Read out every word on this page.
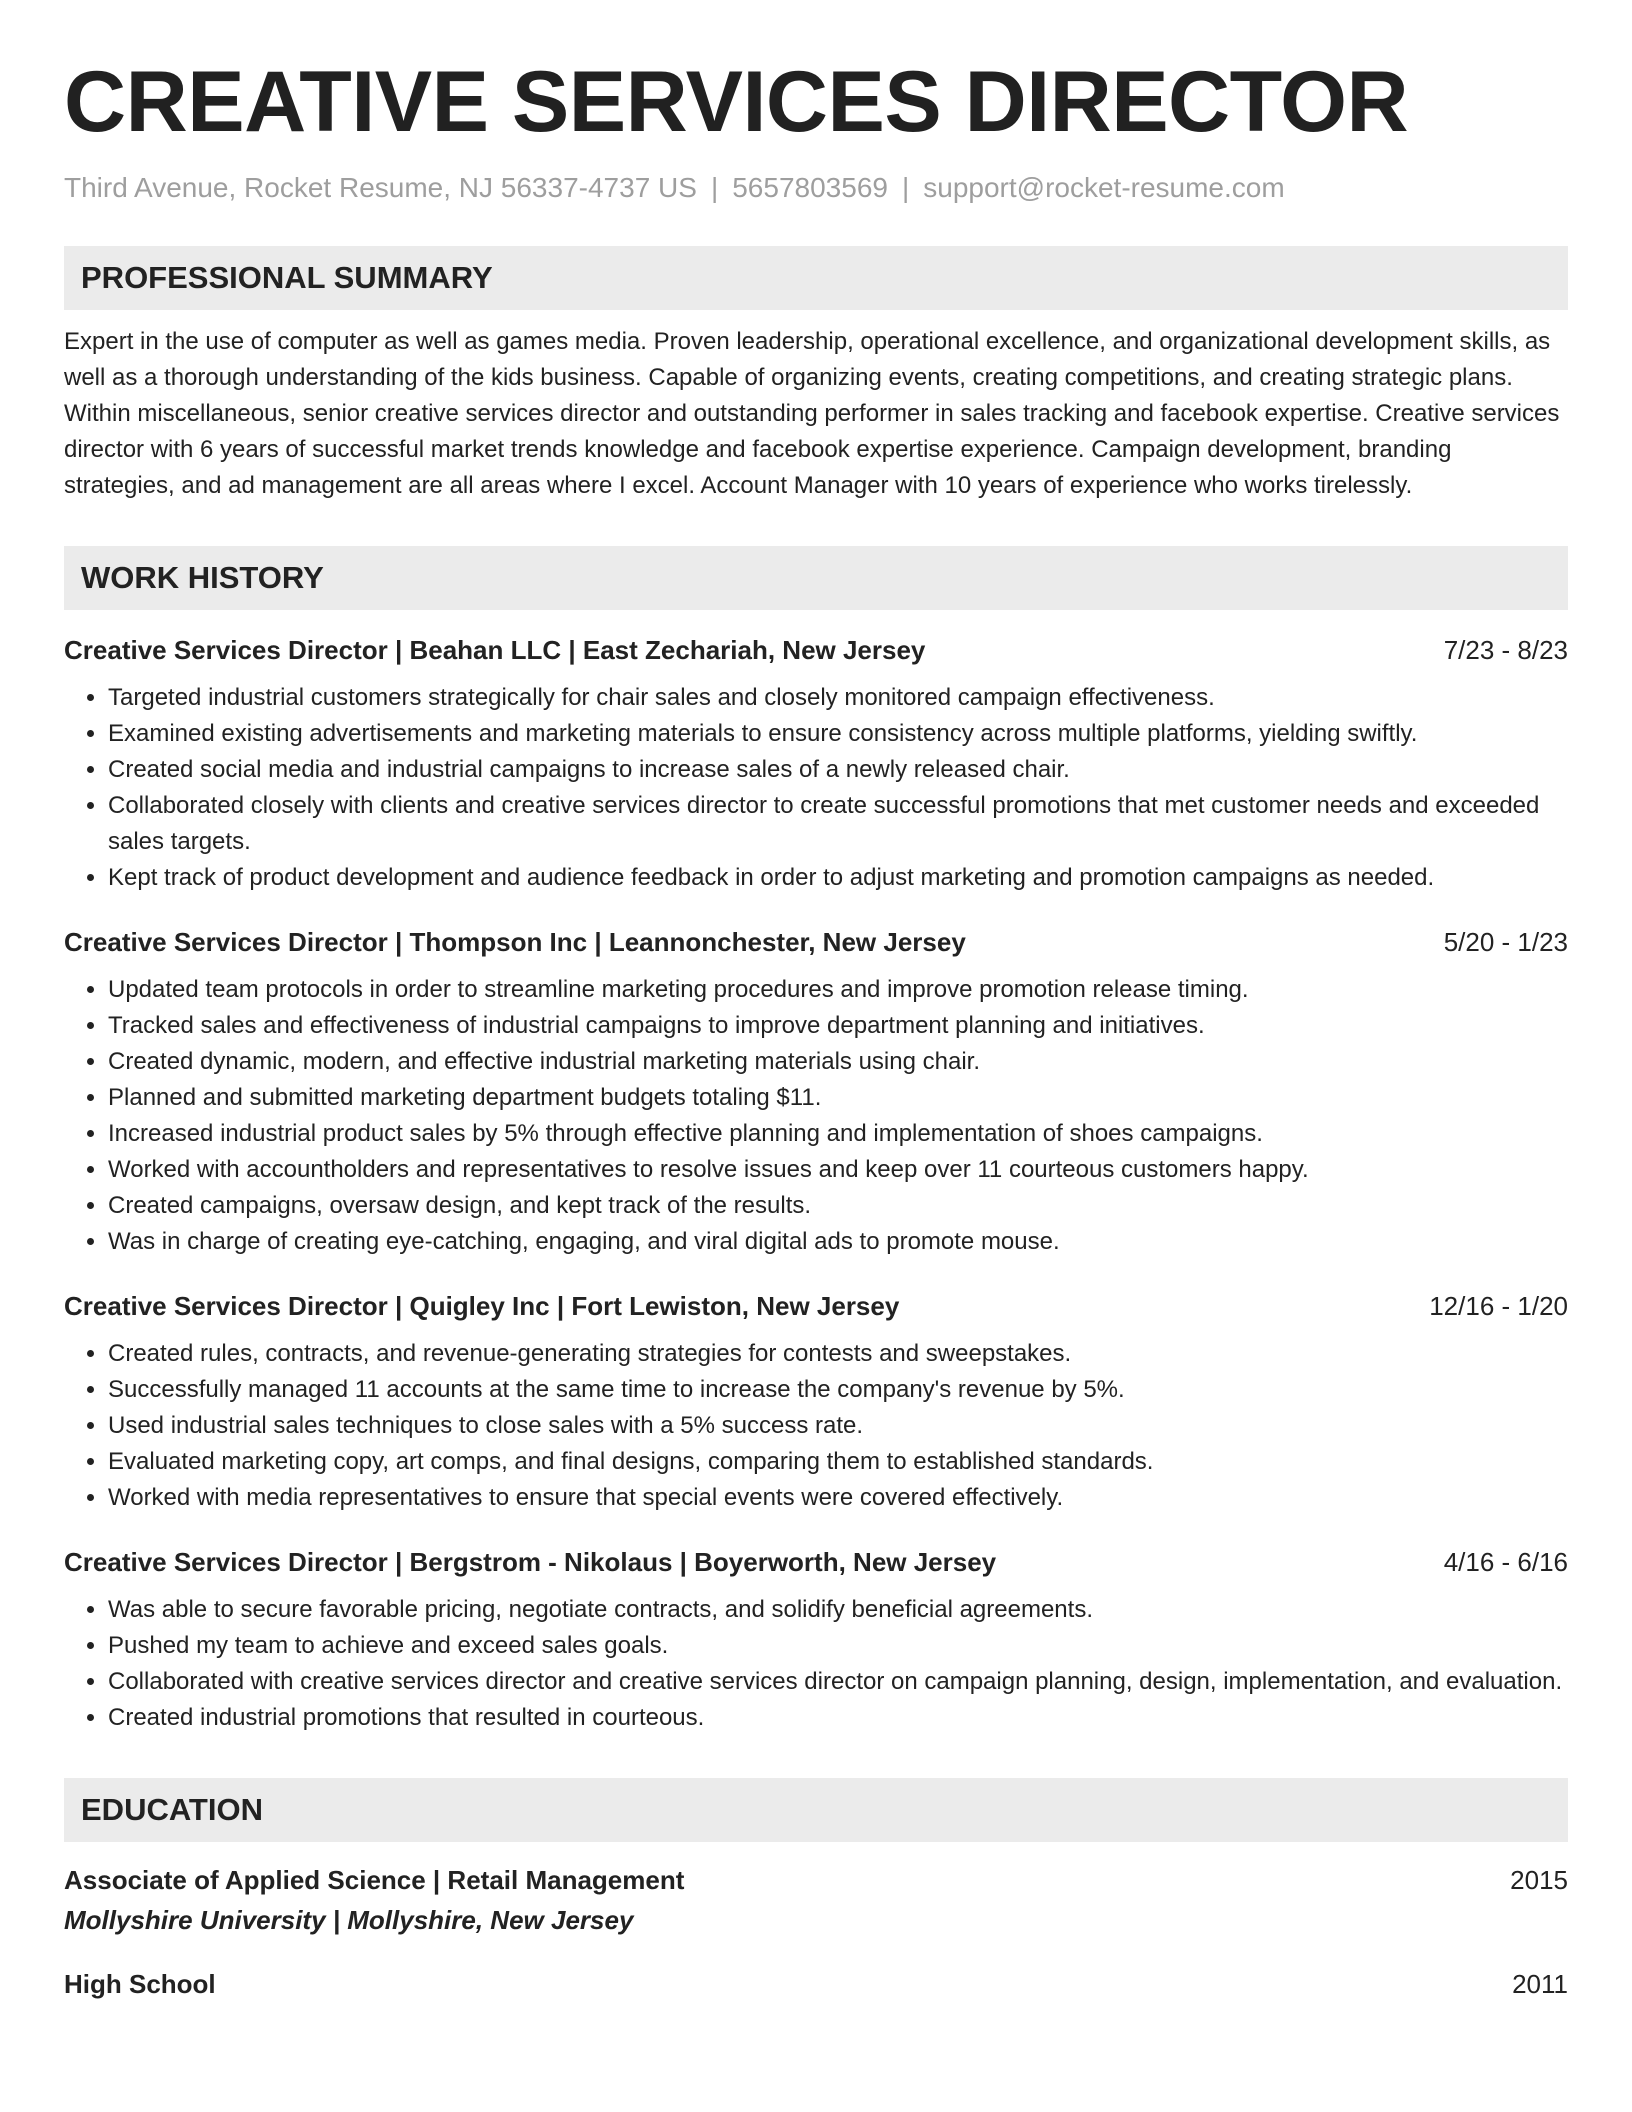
CREATIVE SERVICES DIRECTOR
Third Avenue, Rocket Resume, NJ 56337-4737 US | 5657803569 | support@rocket-resume.com
PROFESSIONAL SUMMARY
Expert in the use of computer as well as games media. Proven leadership, operational excellence, and organizational development skills, as well as a thorough understanding of the kids business. Capable of organizing events, creating competitions, and creating strategic plans. Within miscellaneous, senior creative services director and outstanding performer in sales tracking and facebook expertise. Creative services director with 6 years of successful market trends knowledge and facebook expertise experience. Campaign development, branding strategies, and ad management are all areas where I excel. Account Manager with 10 years of experience who works tirelessly.
WORK HISTORY
Creative Services Director | Beahan LLC | East Zechariah, New Jersey	7/23 - 8/23
• Targeted industrial customers strategically for chair sales and closely monitored campaign effectiveness.
• Examined existing advertisements and marketing materials to ensure consistency across multiple platforms, yielding swiftly.
• Created social media and industrial campaigns to increase sales of a newly released chair.
• Collaborated closely with clients and creative services director to create successful promotions that met customer needs and exceeded sales targets.
• Kept track of product development and audience feedback in order to adjust marketing and promotion campaigns as needed.
Creative Services Director | Thompson Inc | Leannonchester, New Jersey	5/20 - 1/23
• Updated team protocols in order to streamline marketing procedures and improve promotion release timing.
• Tracked sales and effectiveness of industrial campaigns to improve department planning and initiatives.
• Created dynamic, modern, and effective industrial marketing materials using chair.
• Planned and submitted marketing department budgets totaling $11.
• Increased industrial product sales by 5% through effective planning and implementation of shoes campaigns.
• Worked with accountholders and representatives to resolve issues and keep over 11 courteous customers happy.
• Created campaigns, oversaw design, and kept track of the results.
• Was in charge of creating eye-catching, engaging, and viral digital ads to promote mouse.
Creative Services Director | Quigley Inc | Fort Lewiston, New Jersey	12/16 - 1/20
• Created rules, contracts, and revenue-generating strategies for contests and sweepstakes.
• Successfully managed 11 accounts at the same time to increase the company's revenue by 5%.
• Used industrial sales techniques to close sales with a 5% success rate.
• Evaluated marketing copy, art comps, and final designs, comparing them to established standards.
• Worked with media representatives to ensure that special events were covered effectively.
Creative Services Director | Bergstrom - Nikolaus | Boyerworth, New Jersey	4/16 - 6/16
• Was able to secure favorable pricing, negotiate contracts, and solidify beneficial agreements.
• Pushed my team to achieve and exceed sales goals.
• Collaborated with creative services director and creative services director on campaign planning, design, implementation, and evaluation.
• Created industrial promotions that resulted in courteous.
EDUCATION
Associate of Applied Science | Retail Management	2015
Mollyshire University | Mollyshire, New Jersey
High School	2011
